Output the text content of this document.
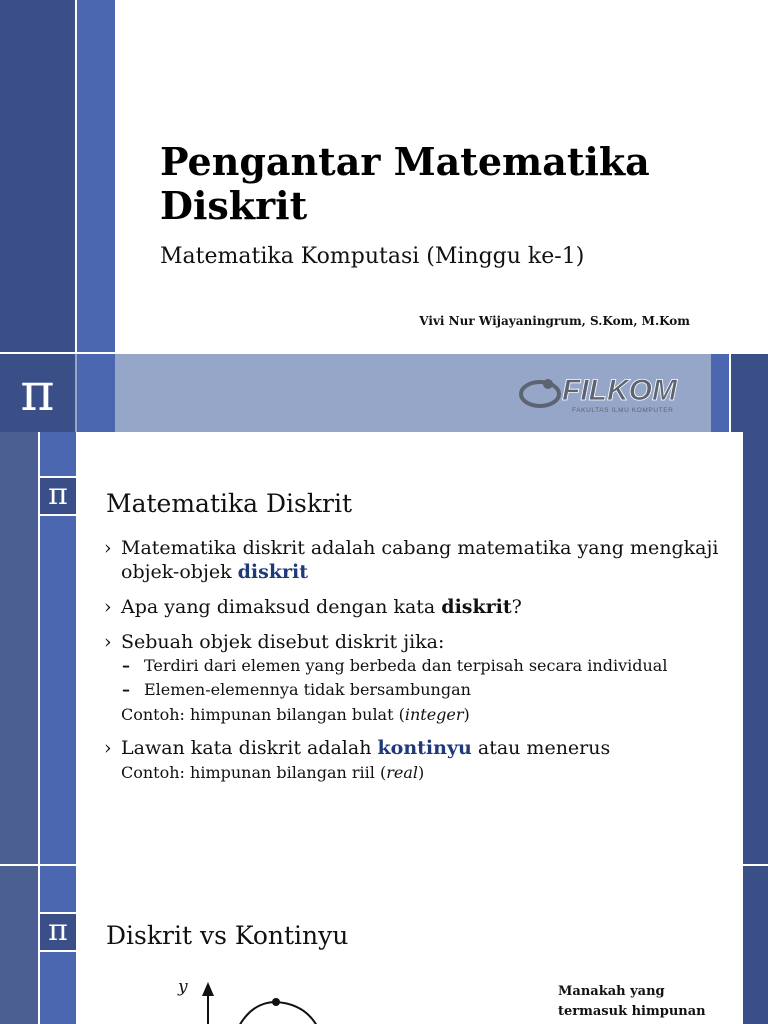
π
Pengantar Matematika Diskrit
Matematika Komputasi (Minggu ke-1)
Vivi Nur Wijayaningrum, S.Kom, M.Kom
FILKOM
FAKULTAS ILMU KOMPUTER
π	Matematika Diskrit
› Matematika diskrit adalah cabang matematika yang mengkaji objek-objek diskrit
› Apa yang dimaksud dengan kata diskrit?
› Sebuah objek disebut diskrit jika:
– Terdiri dari elemen yang berbeda dan terpisah secara individual
– Elemen-elemennya tidak bersambungan
Contoh: himpunan bilangan bulat (integer)
› Lawan kata diskrit adalah kontinyu atau menerus
Contoh: himpunan bilangan riil (real)
π	Diskrit vs Kontinyu
y	Manakah yang termasuk himpunan
